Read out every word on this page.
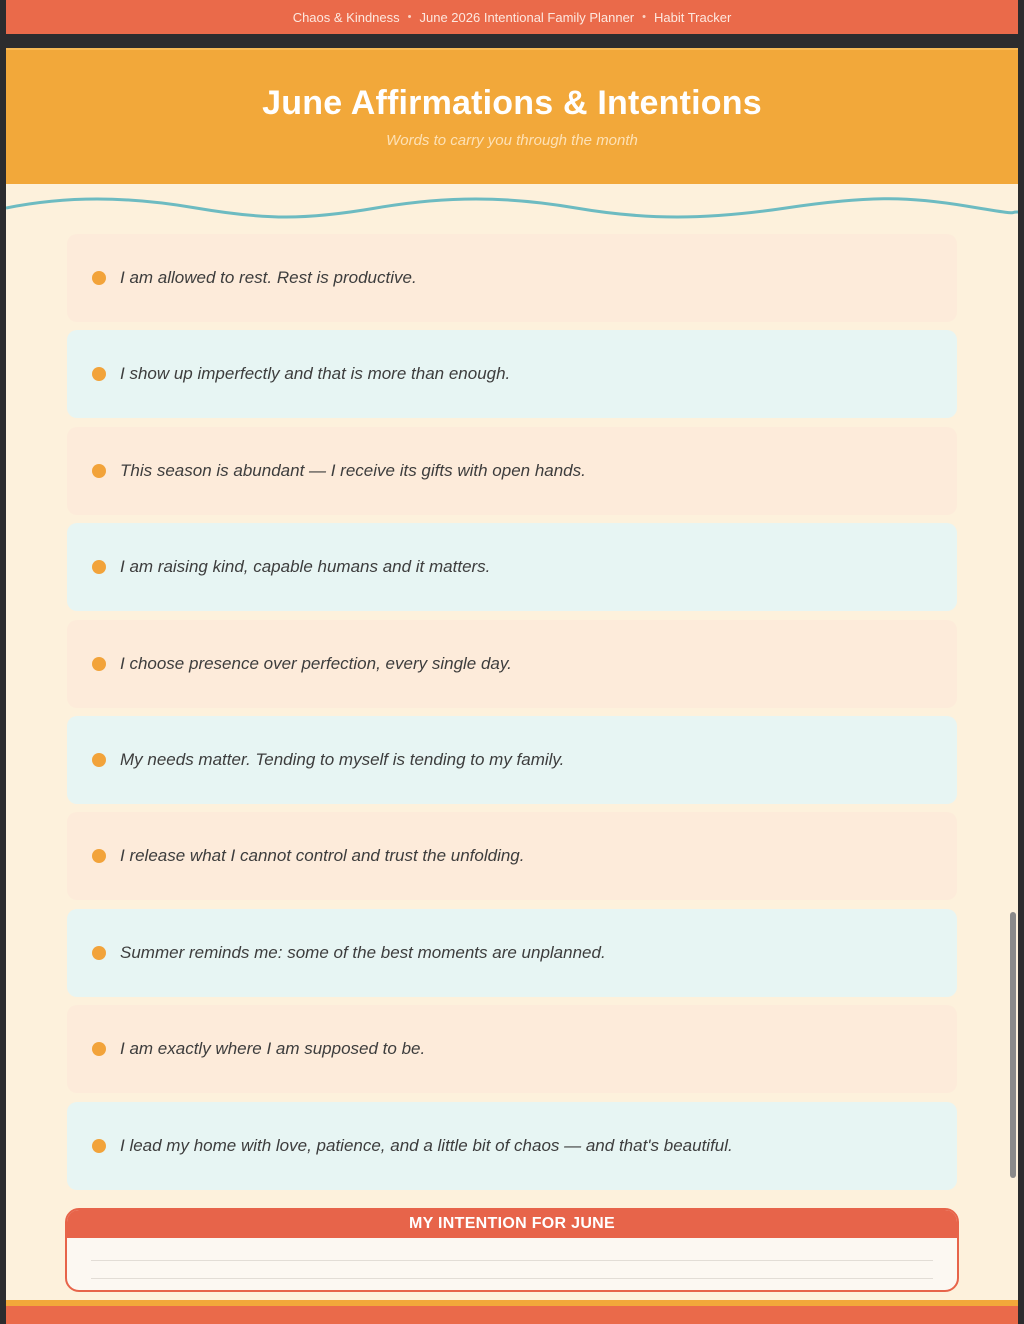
Chaos & Kindness • June 2026 Intentional Family Planner • Habit Tracker
June Affirmations & Intentions
Words to carry you through the month
I am allowed to rest. Rest is productive.
I show up imperfectly and that is more than enough.
This season is abundant — I receive its gifts with open hands.
I am raising kind, capable humans and it matters.
I choose presence over perfection, every single day.
My needs matter. Tending to myself is tending to my family.
I release what I cannot control and trust the unfolding.
Summer reminds me: some of the best moments are unplanned.
I am exactly where I am supposed to be.
I lead my home with love, patience, and a little bit of chaos — and that's beautiful.
MY INTENTION FOR JUNE
